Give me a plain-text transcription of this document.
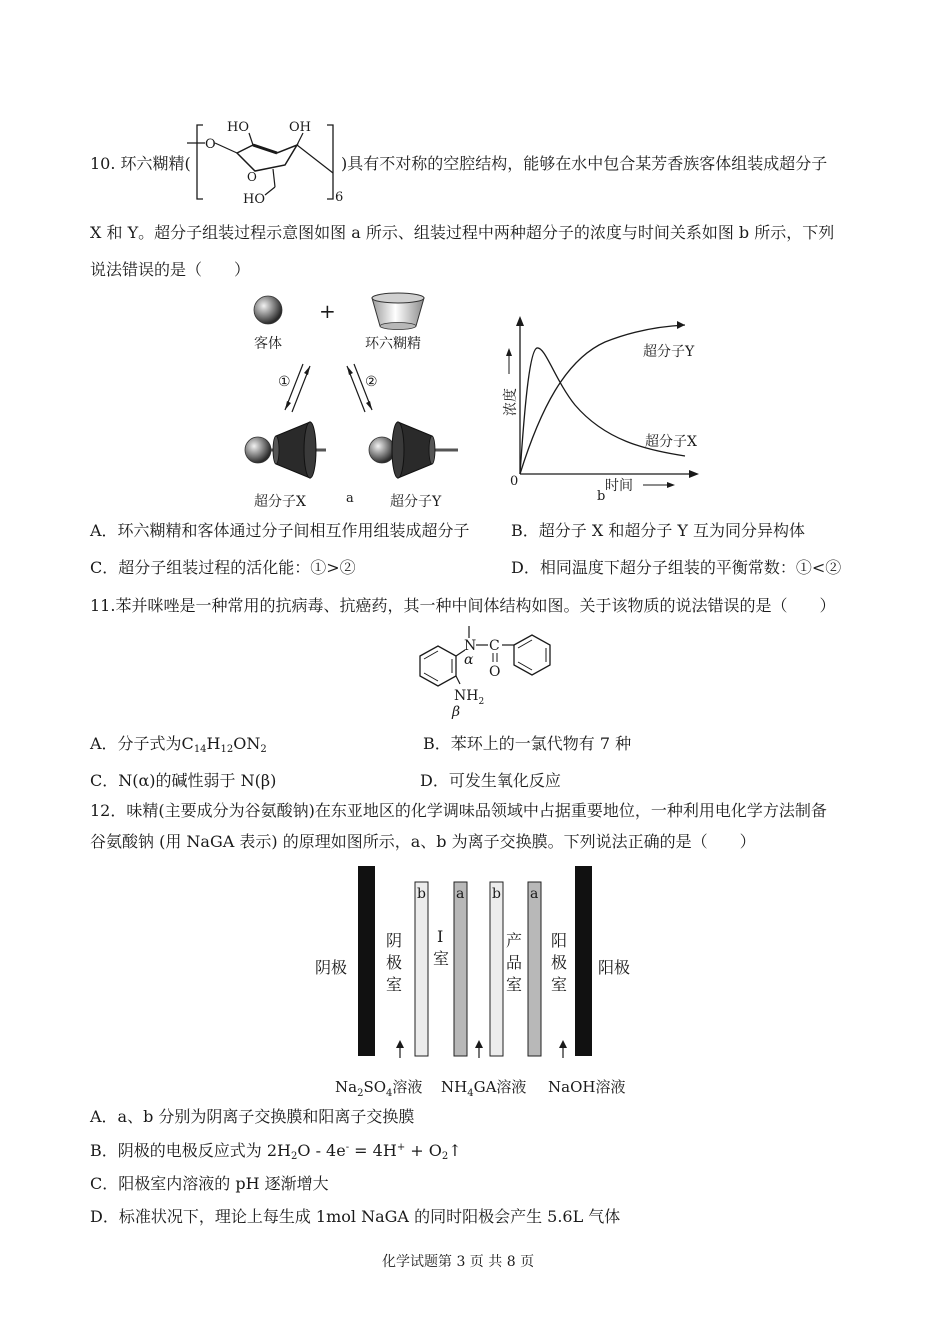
10. 环六糊精(
O
O
HO	OH
HO	6
)具有不对称的空腔结构，能够在水中包合某芳香族客体组装成超分子
X 和 Y。超分子组装过程示意图如图 a 所示、组装过程中两种超分子的浓度与时间关系如图 b 所示，下列
说法错误的是（　　）
+
客体	环六糊精
①	②
超分子X	a	超分子Y
0
浓度
时间
b
超分子Y
超分子X
A．环六糊精和客体通过分子间相互作用组装成超分子	B．超分子 X 和超分子 Y 互为同分异构体
C．超分子组装过程的活化能：①>②	D．相同温度下超分子组装的平衡常数：①<②
11.苯并咪唑是一种常用的抗病毒、抗癌药，其一种中间体结构如图。关于该物质的说法错误的是（　　）
N
α
C
O
$NH_2$
β
A．分子式为$C_{14}H_{12}ON_2$	B．苯环上的一氯代物有 7 种
C．N(α)的碱性弱于 N(β)	D．可发生氧化反应
12．味精(主要成分为谷氨酸钠)在东亚地区的化学调味品领域中占据重要地位，一种利用电化学方法制备
谷氨酸钠 (用 NaGA 表示) 的原理如图所示，a、b 为离子交换膜。下列说法正确的是（　　）
b a b a
阴极	阳极
阴
极
室
I
室
产
品
室
阳
极
室
$Na_2SO_4$溶液 $NH_4GA$溶液 NaOH溶液
A．a、b 分别为阴离子交换膜和阳离子交换膜
B．阴极的电极反应式为 $2H_2O - 4e^- = 4H^+$ + $O_2↑$
C．阳极室内溶液的 pH 逐渐增大
D．标准状况下，理论上每生成 1mol NaGA 的同时阳极会产生 5.6L 气体
化学试题第 3 页 共 8 页
